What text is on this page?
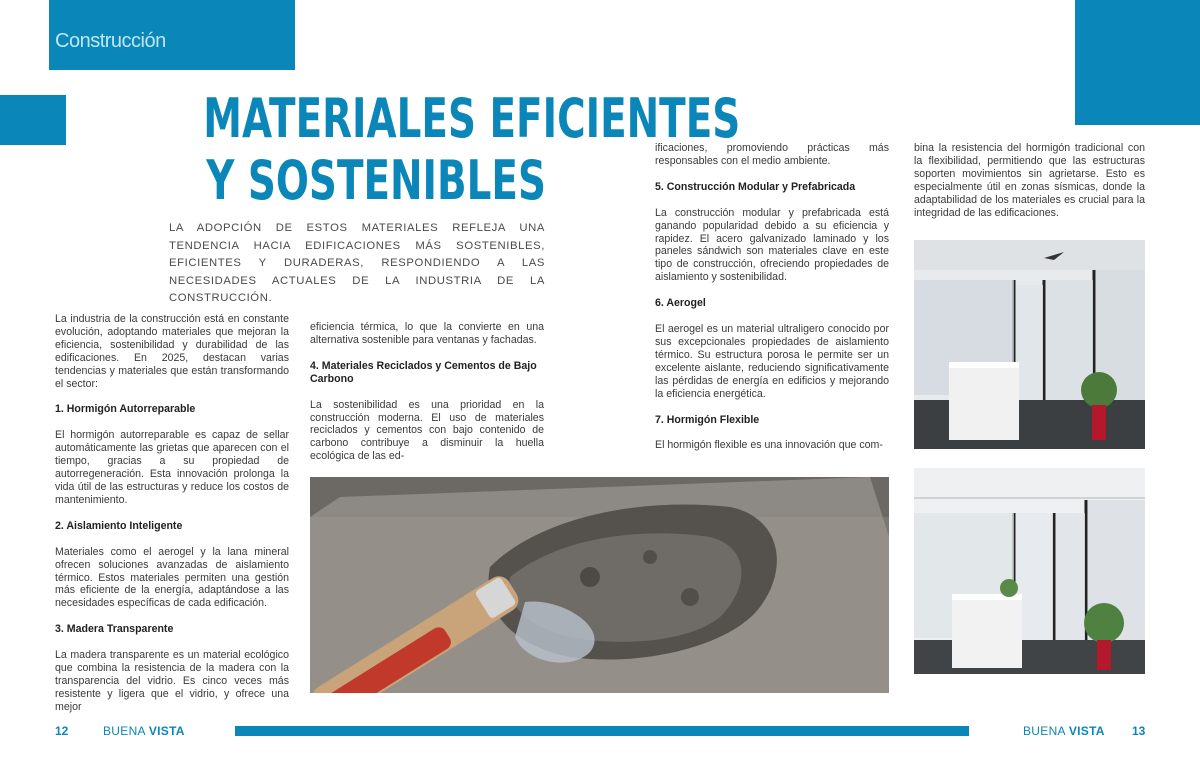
Construcción
MATERIALES EFICIENTES
Y SOSTENIBLES
LA ADOPCIÓN DE ESTOS MATERIALES REFLEJA UNA TENDENCIA HACIA EDIFICACIONES MÁS SOSTENIBLES, EFICIENTES Y DURADERAS, RESPONDIENDO A LAS NECESIDADES ACTUALES DE LA INDUSTRIA DE LA CONSTRUCCIÓN.

La industria de la construcción está en constante evolución, adoptando materiales que mejoran la eficiencia, sostenibilidad y durabilidad de las edificaciones. En 2025, destacan varias tendencias y materiales que están transformando el sector:

1. Hormigón Autorreparable

El hormigón autorreparable es capaz de sellar automáticamente las grietas que aparecen con el tiempo, gracias a su propiedad de autorregeneración. Esta innovación prolonga la vida útil de las estructuras y reduce los costos de mantenimiento.

2. Aislamiento Inteligente

Materiales como el aerogel y la lana mineral ofrecen soluciones avanzadas de aislamiento térmico. Estos materiales permiten una gestión más eficiente de la energía, adaptándose a las necesidades específicas de cada edificación.

3. Madera Transparente

La madera transparente es un material ecológico que combina la resistencia de la madera con la transparencia del vidrio. Es cinco veces más resistente y ligera que el vidrio, y ofrece una mejor

eficiencia térmica, lo que la convierte en una alternativa sostenible para ventanas y fachadas.

4. Materiales Reciclados y Cementos de Bajo Carbono

La sostenibilidad es una prioridad en la construcción moderna. El uso de materiales reciclados y cementos con bajo contenido de carbono contribuye a disminuir la huella ecológica de las ed-

ificaciones, promoviendo prácticas más responsables con el medio ambiente.

5. Construcción Modular y Prefabricada

La construcción modular y prefabricada está ganando popularidad debido a su eficiencia y rapidez. El acero galvanizado laminado y los paneles sándwich son materiales clave en este tipo de construcción, ofreciendo propiedades de aislamiento y sostenibilidad.

6. Aerogel

El aerogel es un material ultraligero conocido por sus excepcionales propiedades de aislamiento térmico. Su estructura porosa le permite ser un excelente aislante, reduciendo significativamente las pérdidas de energía en edificios y mejorando la eficiencia energética.

7. Hormigón Flexible

El hormigón flexible es una innovación que com-

bina la resistencia del hormigón tradicional con la flexibilidad, permitiendo que las estructuras soporten movimientos sin agrietarse. Esto es especialmente útil en zonas sísmicas, donde la adaptabilidad de los materiales es crucial para la integridad de las edificaciones.

12	BUENA VISTA	BUENA VISTA 13
